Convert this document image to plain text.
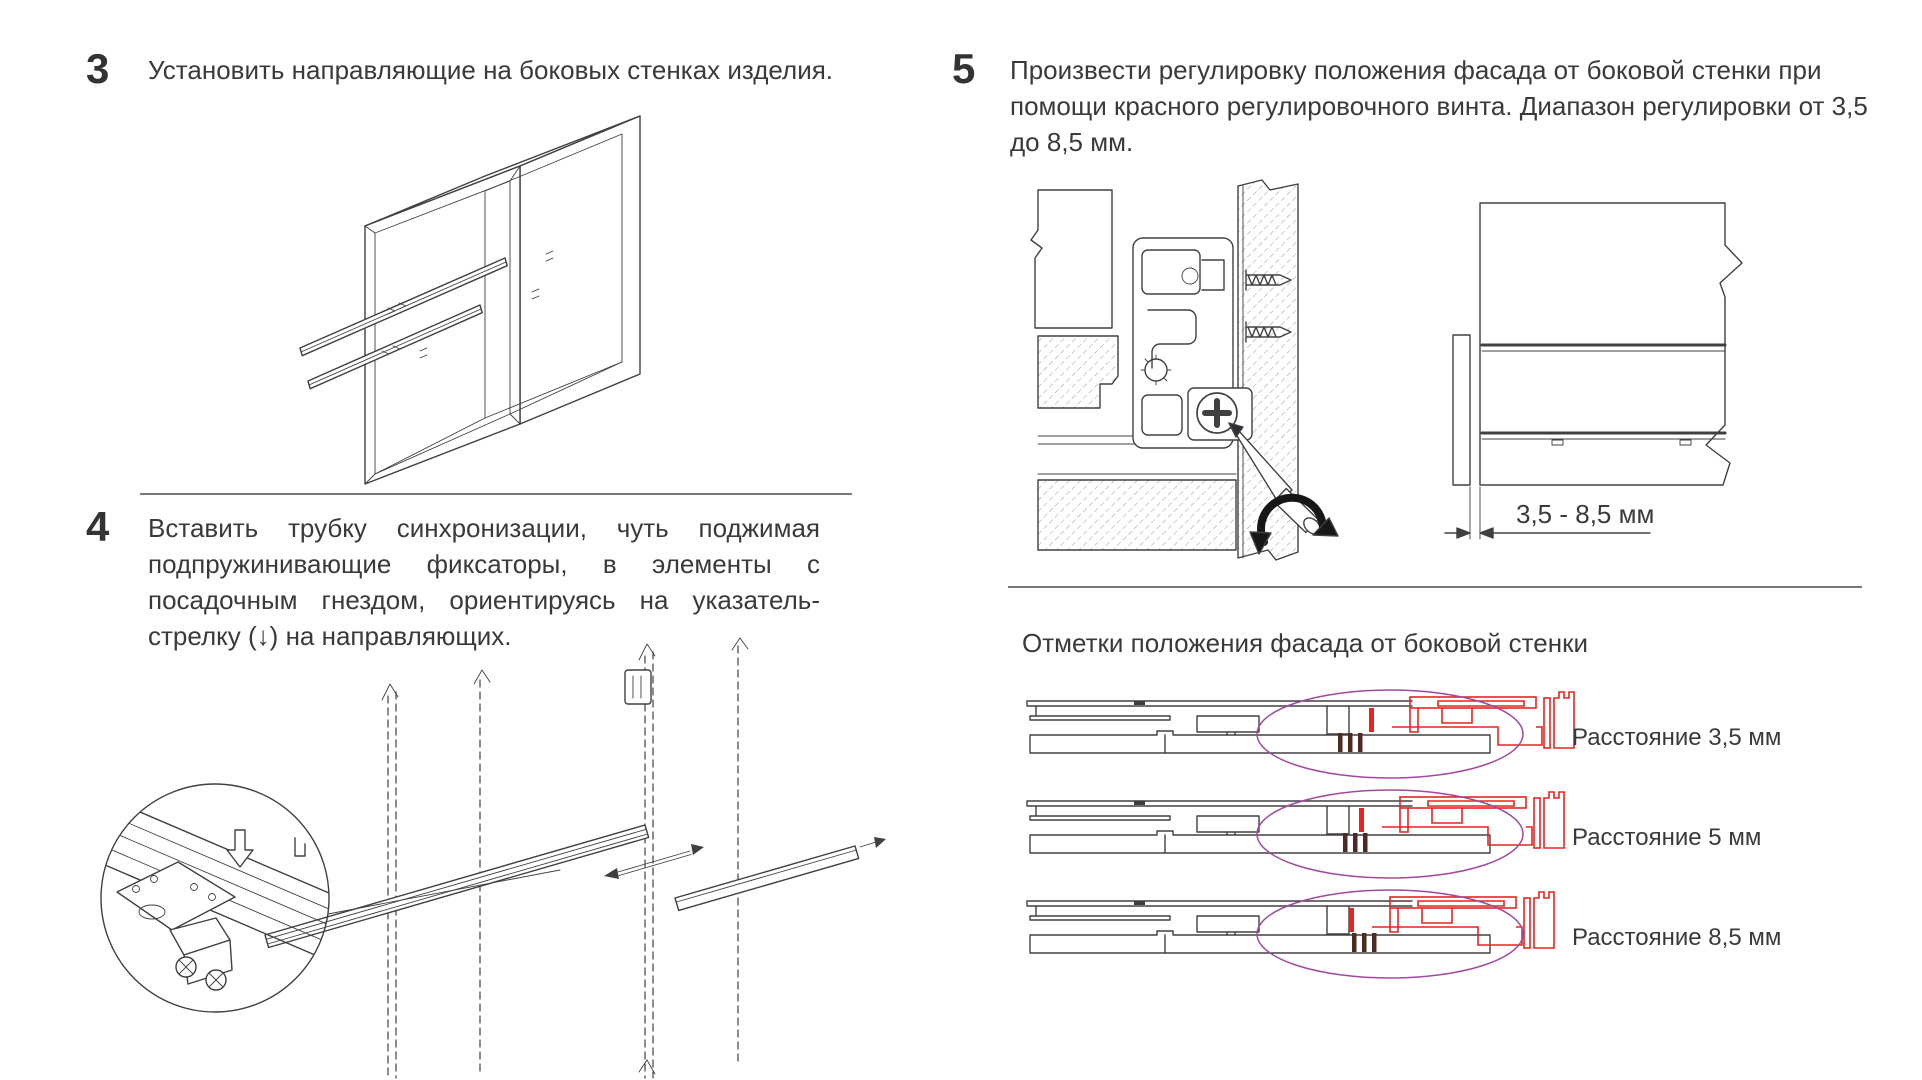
3 Установить направляющие на боковых стенках изделия.
4 Вставить трубку синхронизации, чуть поджимая подпружинивающие фиксаторы, в элементы с посадочным гнездом, ориентируясь на указатель-стрелку (↓) на направляющих.
5 Произвести регулировку положения фасада от боковой стенки при помощи красного регулировочного винта. Диапазон регулировки от 3,5 до 8,5 мм.
3,5 - 8,5 мм
Отметки положения фасада от боковой стенки
Расстояние 3,5 мм
Расстояние 5 мм
Расстояние 8,5 мм
